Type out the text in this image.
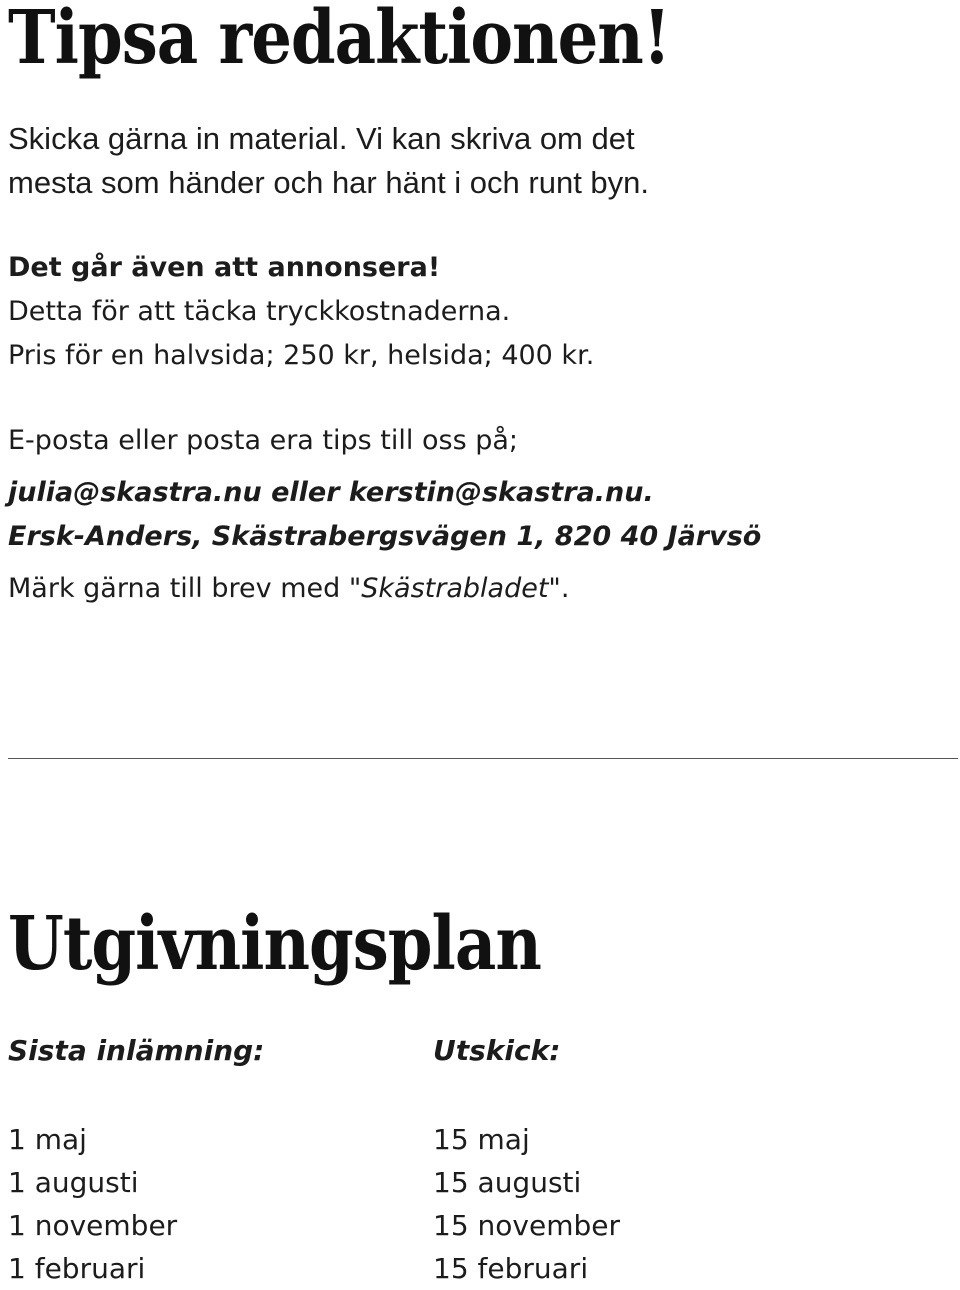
Tipsa redaktionen!
Skicka gärna in material. Vi kan skriva om det
mesta som händer och har hänt i och runt byn.
Det går även att annonsera!
Detta för att täcka tryckkostnaderna.
Pris för en halvsida; 250 kr, helsida; 400 kr.
E-posta eller posta era tips till oss på;
julia@skastra.nu eller kerstin@skastra.nu.
Ersk-Anders, Skästrabergsvägen 1, 820 40 Järvsö
Märk gärna till brev med "Skästrabladet".
Utgivningsplan
Sista inlämning:	Utskick:
1 maj
1 augusti
1 november
1 februari
15 maj
15 augusti
15 november
15 februari
